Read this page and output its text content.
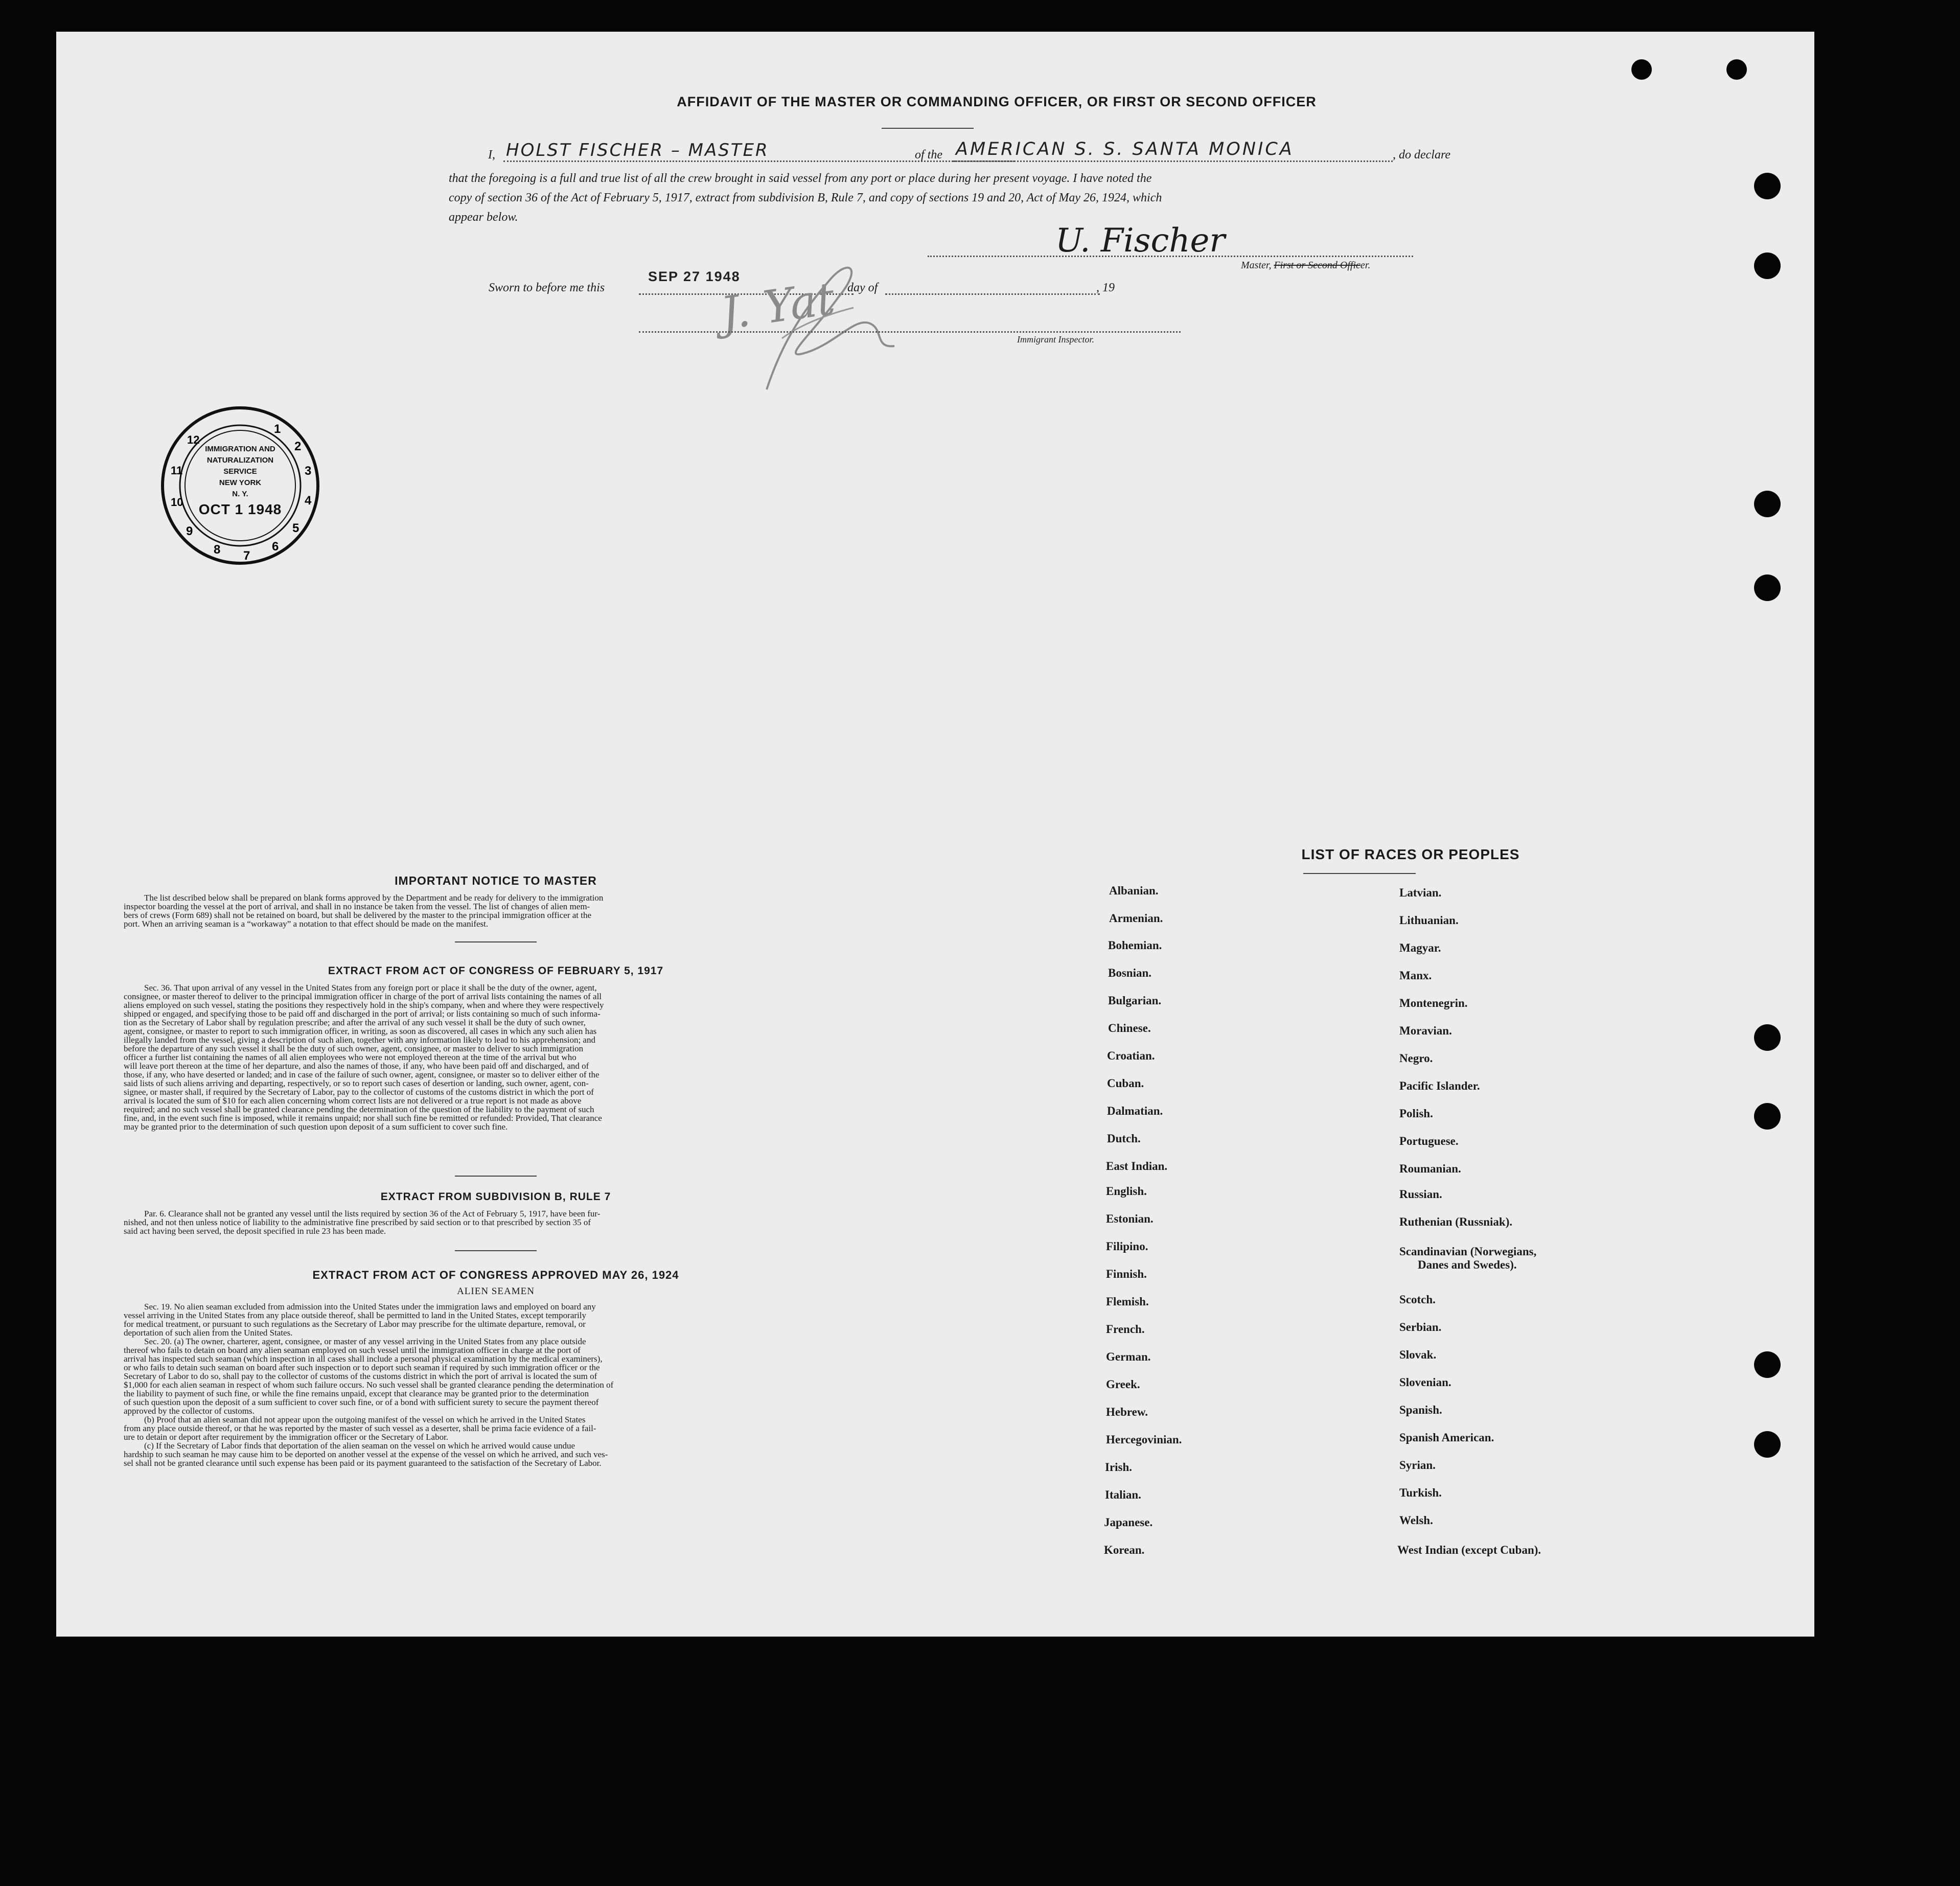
AFFIDAVIT OF THE MASTER OR COMMANDING OFFICER, OR FIRST OR SECOND OFFICER
I, HOLST FISCHER – MASTER	of the AMERICAN S. S. SANTA MONICA	, do declare
that the foregoing is a full and true list of all the crew brought in said vessel from any port or place during her present voyage. I have noted the
copy of section 36 of the Act of February 5, 1917, extract from subdivision B, Rule 7, and copy of sections 19 and 20, Act of May 26, 1924, which
appear below.
U. Fischer
Master, First or Second Officer.
Sworn to before me this
SEP 27 1948
day of	, 19
J. Yat	Immigrant Inspector.
1
2
3
4
5
6
7
8
9
10
11
12
IMMIGRATION AND
NATURALIZATION
SERVICE
NEW YORK
N. Y.
OCT 1 1948
IMPORTANT NOTICE TO MASTER
The list described below shall be prepared on blank forms approved by the Department and be ready for delivery to the immigration
inspector boarding the vessel at the port of arrival, and shall in no instance be taken from the vessel. The list of changes of alien mem-
bers of crews (Form 689) shall not be retained on board, but shall be delivered by the master to the principal immigration officer at the
port. When an arriving seaman is a “workaway” a notation to that effect should be made on the manifest.
EXTRACT FROM ACT OF CONGRESS OF FEBRUARY 5, 1917
Sec. 36. That upon arrival of any vessel in the United States from any foreign port or place it shall be the duty of the owner, agent,
consignee, or master thereof to deliver to the principal immigration officer in charge of the port of arrival lists containing the names of all
aliens employed on such vessel, stating the positions they respectively hold in the ship's company, when and where they were respectively
shipped or engaged, and specifying those to be paid off and discharged in the port of arrival; or lists containing so much of such informa-
tion as the Secretary of Labor shall by regulation prescribe; and after the arrival of any such vessel it shall be the duty of such owner,
agent, consignee, or master to report to such immigration officer, in writing, as soon as discovered, all cases in which any such alien has
illegally landed from the vessel, giving a description of such alien, together with any information likely to lead to his apprehension; and
before the departure of any such vessel it shall be the duty of such owner, agent, consignee, or master to deliver to such immigration
officer a further list containing the names of all alien employees who were not employed thereon at the time of the arrival but who
will leave port thereon at the time of her departure, and also the names of those, if any, who have been paid off and discharged, and of
those, if any, who have deserted or landed; and in case of the failure of such owner, agent, consignee, or master so to deliver either of the
said lists of such aliens arriving and departing, respectively, or so to report such cases of desertion or landing, such owner, agent, con-
signee, or master shall, if required by the Secretary of Labor, pay to the collector of customs of the customs district in which the port of
arrival is located the sum of $10 for each alien concerning whom correct lists are not delivered or a true report is not made as above
required; and no such vessel shall be granted clearance pending the determination of the question of the liability to the payment of such
fine, and, in the event such fine is imposed, while it remains unpaid; nor shall such fine be remitted or refunded: Provided, That clearance
may be granted prior to the determination of such question upon deposit of a sum sufficient to cover such fine.
EXTRACT FROM SUBDIVISION B, RULE 7
Par. 6. Clearance shall not be granted any vessel until the lists required by section 36 of the Act of February 5, 1917, have been fur-
nished, and not then unless notice of liability to the administrative fine prescribed by said section or to that prescribed by section 35 of
said act having been served, the deposit specified in rule 23 has been made.
EXTRACT FROM ACT OF CONGRESS APPROVED MAY 26, 1924
ALIEN SEAMEN
Sec. 19. No alien seaman excluded from admission into the United States under the immigration laws and employed on board any
vessel arriving in the United States from any place outside thereof, shall be permitted to land in the United States, except temporarily
for medical treatment, or pursuant to such regulations as the Secretary of Labor may prescribe for the ultimate departure, removal, or
deportation of such alien from the United States.
Sec. 20. (a) The owner, charterer, agent, consignee, or master of any vessel arriving in the United States from any place outside
thereof who fails to detain on board any alien seaman employed on such vessel until the immigration officer in charge at the port of
arrival has inspected such seaman (which inspection in all cases shall include a personal physical examination by the medical examiners),
or who fails to detain such seaman on board after such inspection or to deport such seaman if required by such immigration officer or the
Secretary of Labor to do so, shall pay to the collector of customs of the customs district in which the port of arrival is located the sum of
$1,000 for each alien seaman in respect of whom such failure occurs. No such vessel shall be granted clearance pending the determination of
the liability to payment of such fine, or while the fine remains unpaid, except that clearance may be granted prior to the determination
of such question upon the deposit of a sum sufficient to cover such fine, or of a bond with sufficient surety to secure the payment thereof
approved by the collector of customs.
(b) Proof that an alien seaman did not appear upon the outgoing manifest of the vessel on which he arrived in the United States
from any place outside thereof, or that he was reported by the master of such vessel as a deserter, shall be prima facie evidence of a fail-
ure to detain or deport after requirement by the immigration officer or the Secretary of Labor.
(c) If the Secretary of Labor finds that deportation of the alien seaman on the vessel on which he arrived would cause undue
hardship to such seaman he may cause him to be deported on another vessel at the expense of the vessel on which he arrived, and such ves-
sel shall not be granted clearance until such expense has been paid or its payment guaranteed to the satisfaction of the Secretary of Labor.
LIST OF RACES OR PEOPLES
Albanian.
Armenian.
Bohemian.
Bosnian.
Bulgarian.
Chinese.
Croatian.
Cuban.
Dalmatian.
Dutch.
East Indian.
English.
Estonian.
Filipino.
Finnish.
Flemish.
French.
German.
Greek.
Hebrew.
Hercegovinian.
Irish.
Italian.
Japanese.
Korean.
Latvian.
Lithuanian.
Magyar.
Manx.
Montenegrin.
Moravian.
Negro.
Pacific Islander.
Polish.
Portuguese.
Roumanian.
Russian.
Ruthenian (Russniak).
Scandinavian (Norwegians,
Danes and Swedes).
Scotch.
Serbian.
Slovak.
Slovenian.
Spanish.
Spanish American.
Syrian.
Turkish.
Welsh.
West Indian (except Cuban).
